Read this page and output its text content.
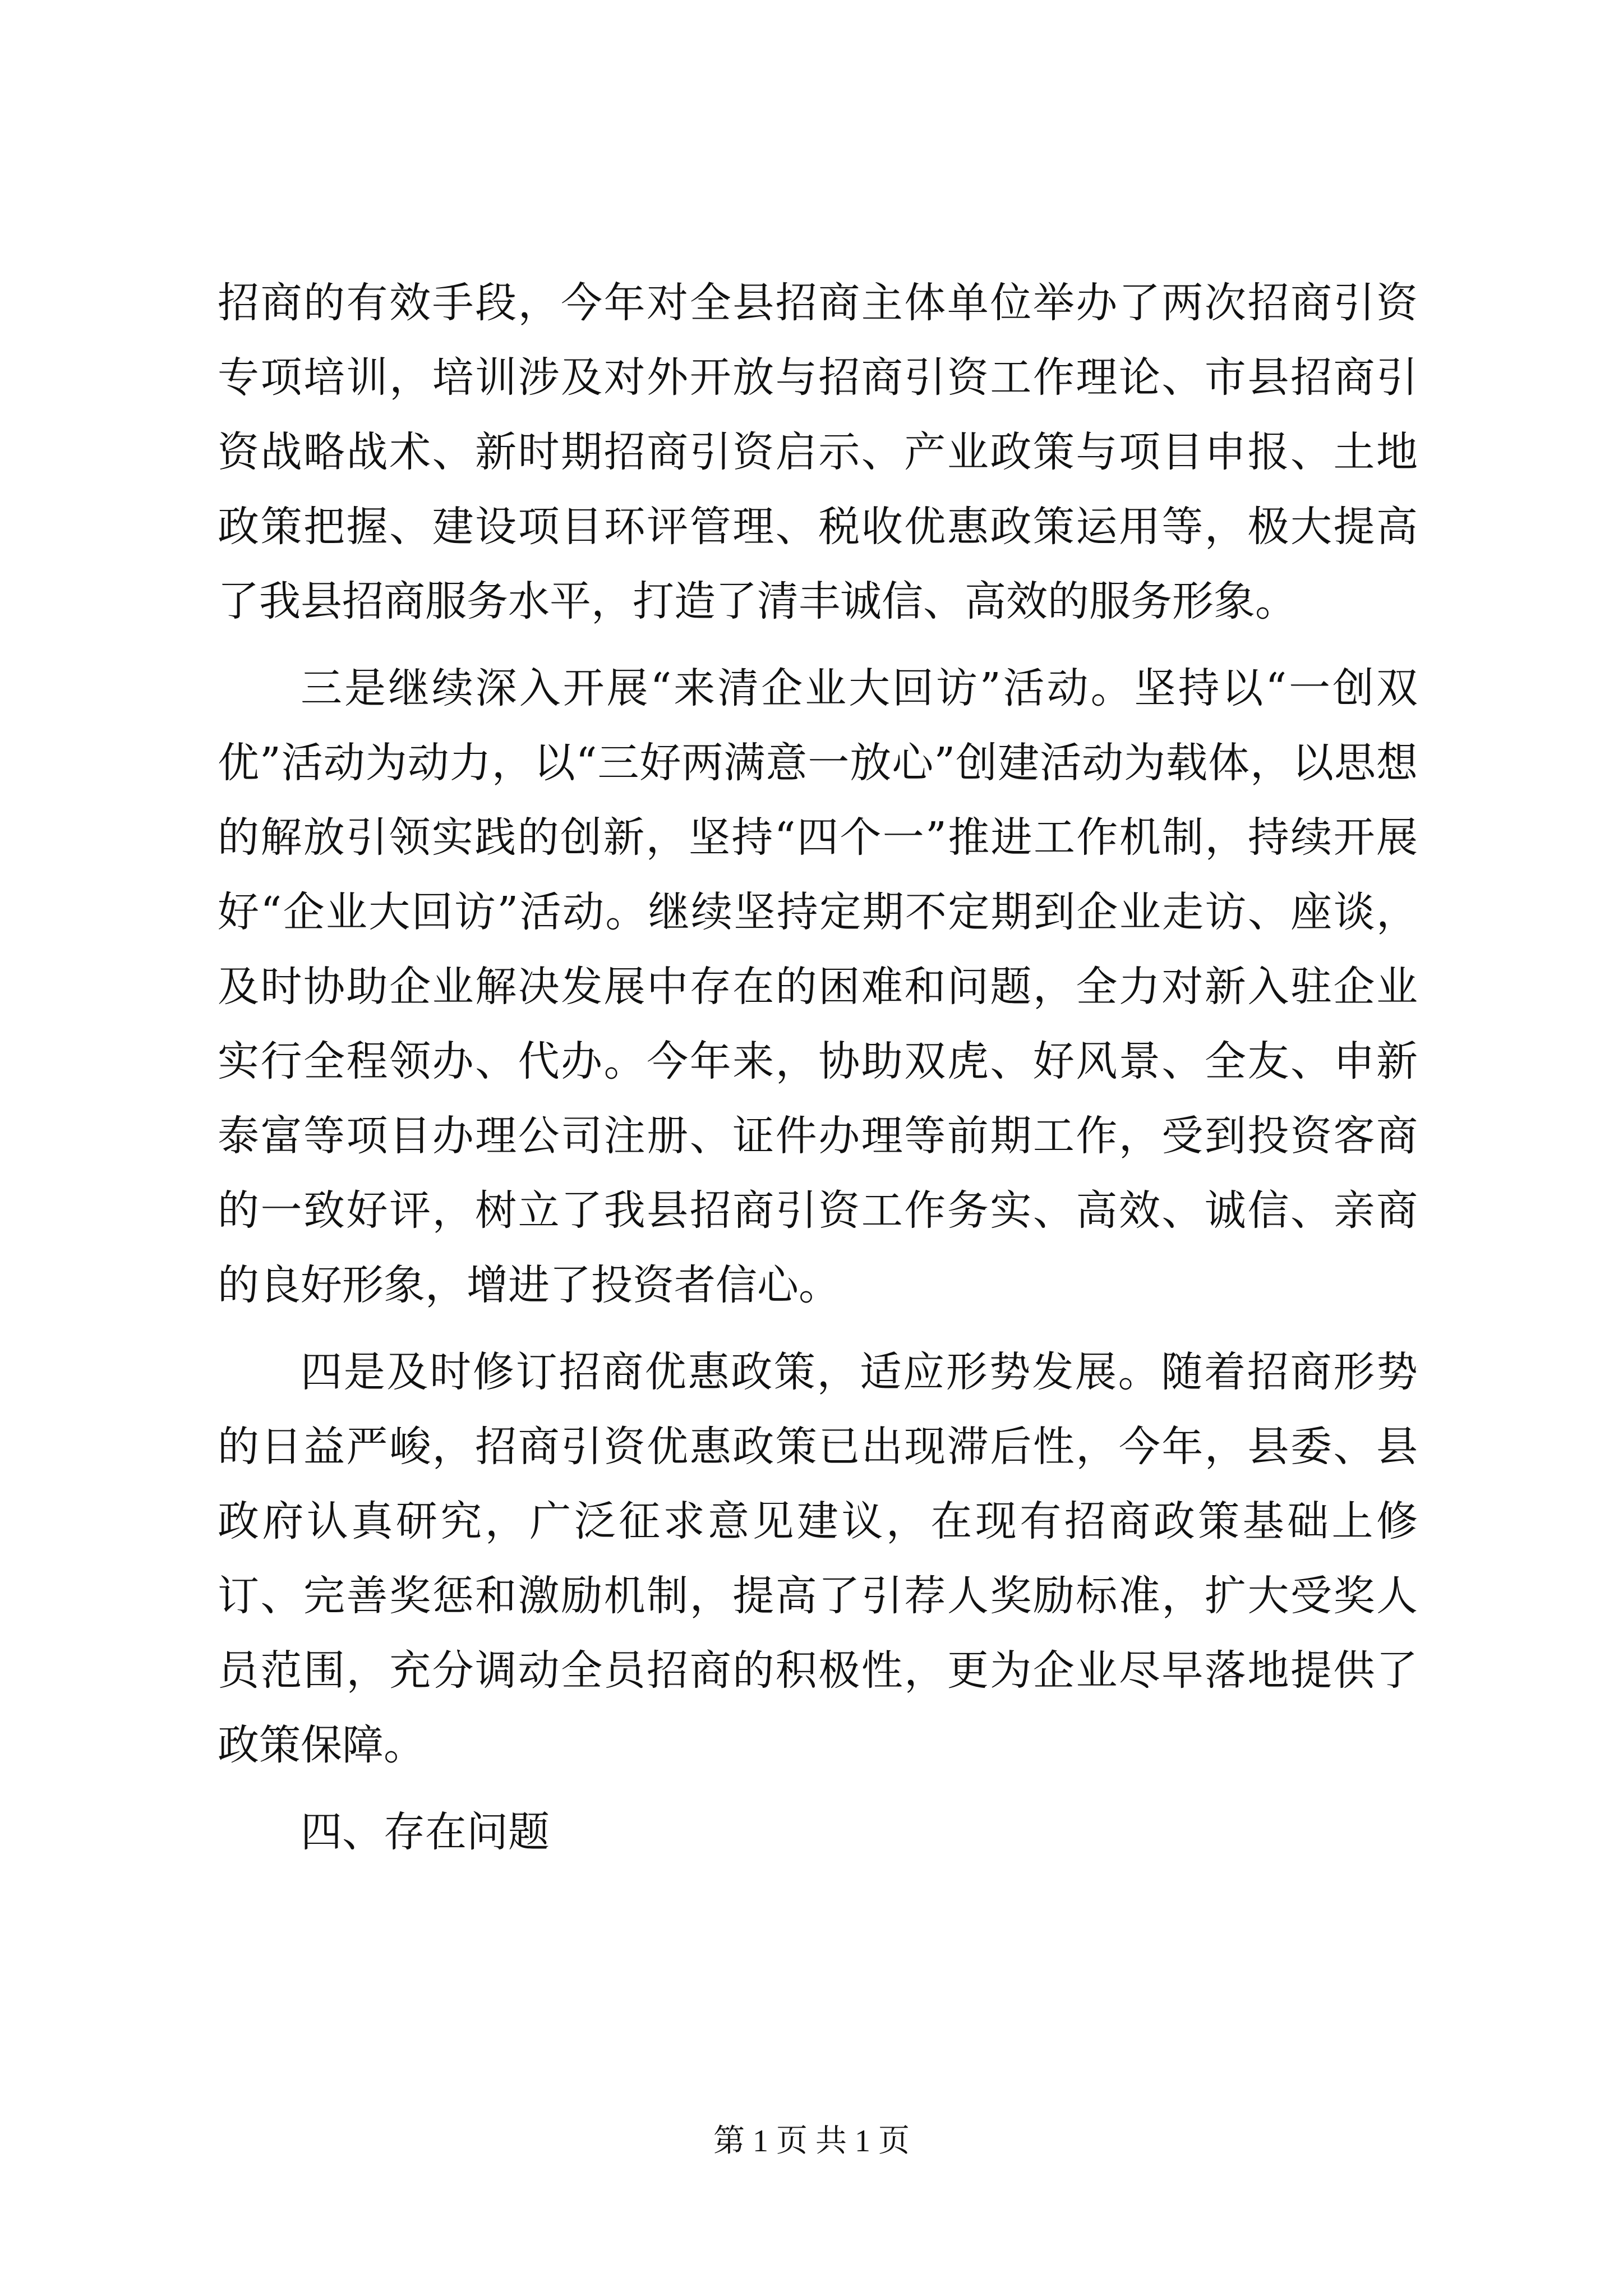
招商的有效手段，今年对全县招商主体单位举办了两次招商引资专项培训，培训涉及对外开放与招商引资工作理论、市县招商引资战略战术、新时期招商引资启示、产业政策与项目申报、土地政策把握、建设项目环评管理、税收优惠政策运用等，极大提高了我县招商服务水平，打造了清丰诚信、高效的服务形象。

三是继续深入开展“来清企业大回访”活动。坚持以“一创双优”活动为动力，以“三好两满意一放心”创建活动为载体，以思想的解放引领实践的创新，坚持“四个一”推进工作机制，持续开展好“企业大回访”活动。继续坚持定期不定期到企业走访、座谈，及时协助企业解决发展中存在的困难和问题，全力对新入驻企业实行全程领办、代办。今年来，协助双虎、好风景、全友、申新泰富等项目办理公司注册、证件办理等前期工作，受到投资客商的一致好评，树立了我县招商引资工作务实、高效、诚信、亲商的良好形象，增进了投资者信心。

四是及时修订招商优惠政策，适应形势发展。随着招商形势的日益严峻，招商引资优惠政策已出现滞后性，今年，县委、县政府认真研究，广泛征求意见建议，在现有招商政策基础上修订、完善奖惩和激励机制，提高了引荐人奖励标准，扩大受奖人员范围，充分调动全员招商的积极性，更为企业尽早落地提供了政策保障。

四、存在问题

第 1 页 共 1 页
